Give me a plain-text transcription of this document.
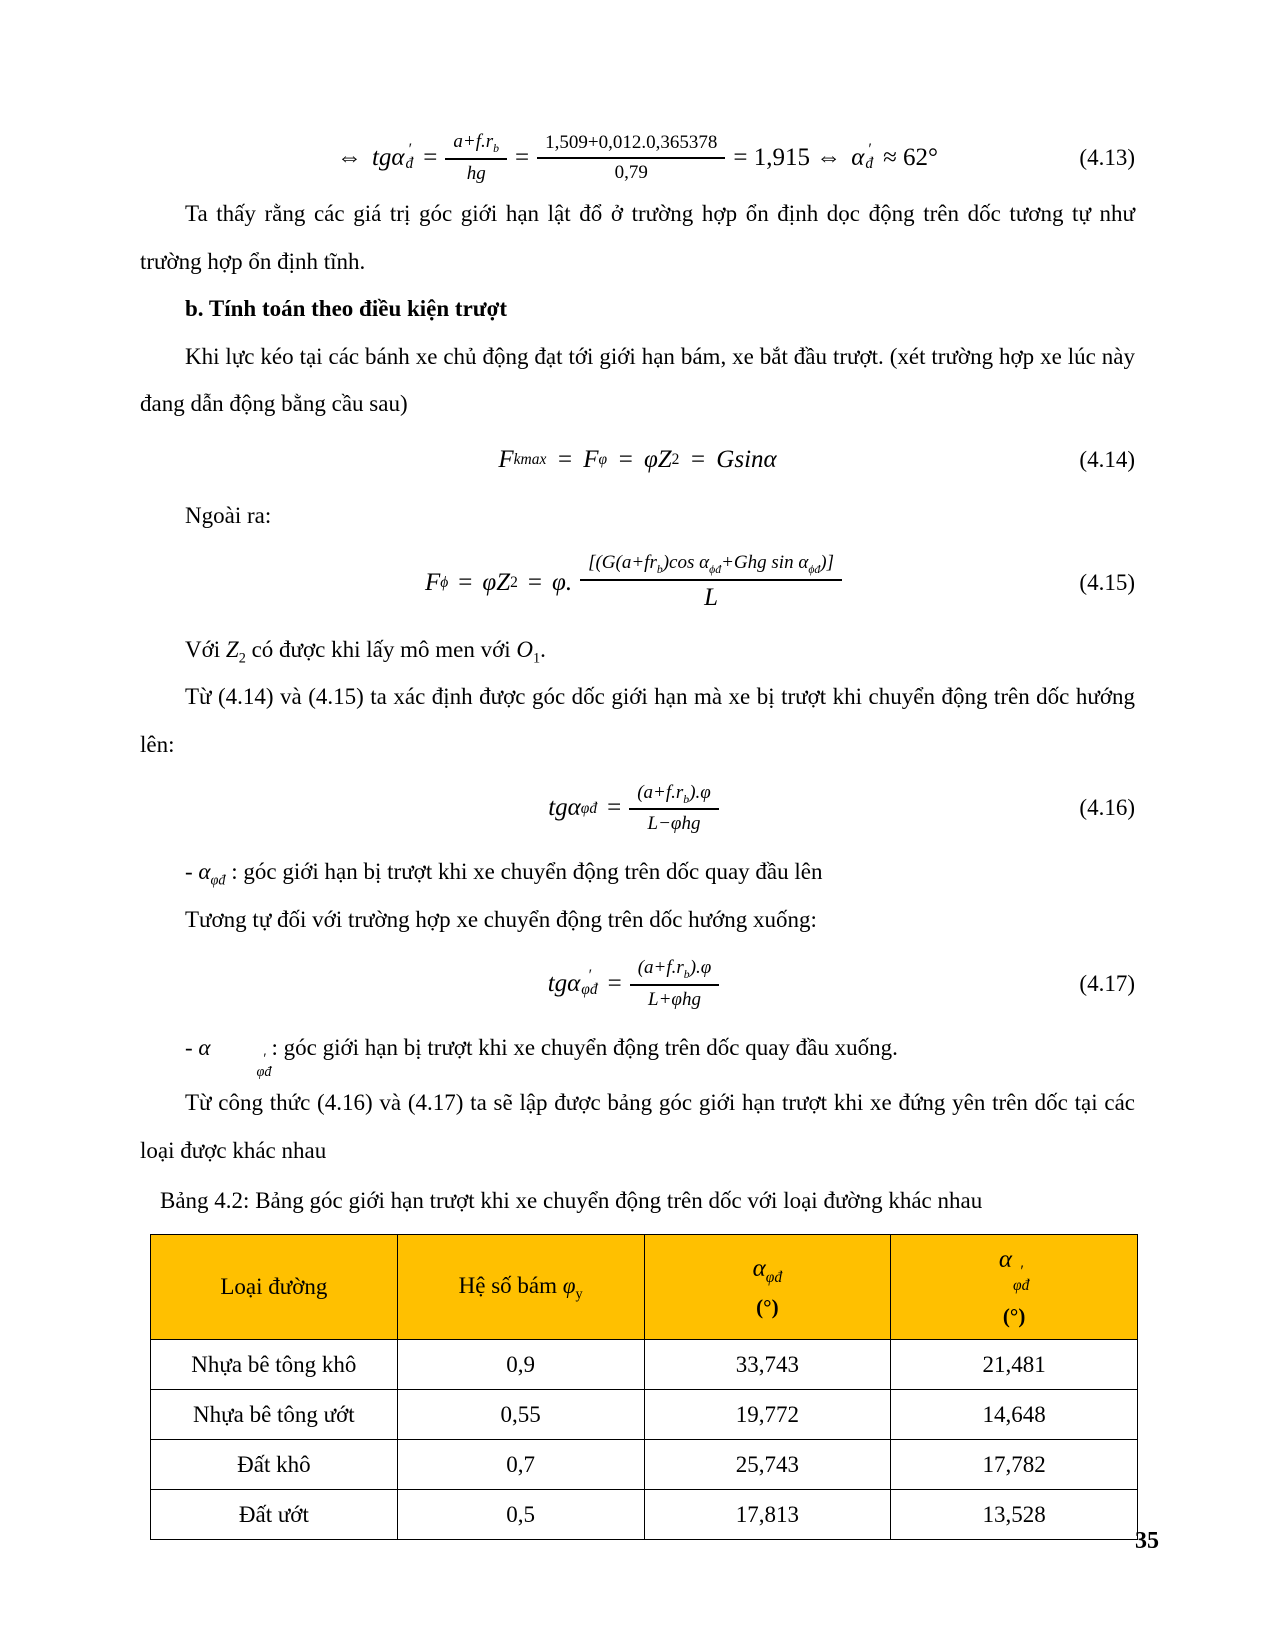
⇔ tgα ′
đ = $\frac{a+f.r_b}{hg} = \frac{1,509+0,012.0,365378}{0,79} = 1,915$ ⇔ α ′
đ ≈ 62°	(4.13)

Ta thấy rằng các giá trị góc giới hạn lật đổ ở trường hợp ổn định dọc động trên dốc tương tự như trường hợp ổn định tĩnh.

b. Tính toán theo điều kiện trượt

Khi lực kéo tại các bánh xe chủ động đạt tới giới hạn bám, xe bắt đầu trượt. (xét trường hợp xe lúc này đang dẫn động bằng cầu sau)

F kmax = F φ = φZ 2 = Gsinα	(4.14)

Ngoài ra:

F ϕ = φZ 2 = φ. $\frac{[(G(a+fr_b)\cos \alpha_{\phi đ}+Ghg \sin \alpha_{\phi đ})]}{L}$	(4.15)

Với $Z_2$ có được khi lấy mô men với $O_1$.

Từ (4.14) và (4.15) ta xác định được góc dốc giới hạn mà xe bị trượt khi chuyển động trên dốc hướng lên:

tgα φđ = $\frac{(a+f.r_b).\varphi}{\text{L−φhg}}$	(4.16)

- $\alpha_{\varphi đ}$ : góc giới hạn bị trượt khi xe chuyển động trên dốc quay đầu lên

Tương tự đối với trường hợp xe chuyển động trên dốc hướng xuống:

tgα ′
φđ = $\frac{(a+f.r_b).\varphi}{\text{L+φhg}}$	(4.17)

- α	′
φđ
: góc giới hạn bị trượt khi xe chuyển động trên dốc quay đầu xuống.

Từ công thức (4.16) và (4.17) ta sẽ lập được bảng góc giới hạn trượt khi xe đứng yên trên dốc tại các loại được khác nhau

Bảng 4.2: Bảng góc giới hạn trượt khi xe chuyển động trên dốc với loại đường khác nhau

Loại đường	Hệ số bám $\varphi_y$	$\alpha_{\varphi đ}$
(°)	α ′
φđ
(°)

Nhựa bê tông khô	0,9	33,743	21,481
Nhựa bê tông ướt	0,55	19,772	14,648
Đất khô	0,7	25,743	17,782
Đất ướt	0,5	17,813	13,528
35
